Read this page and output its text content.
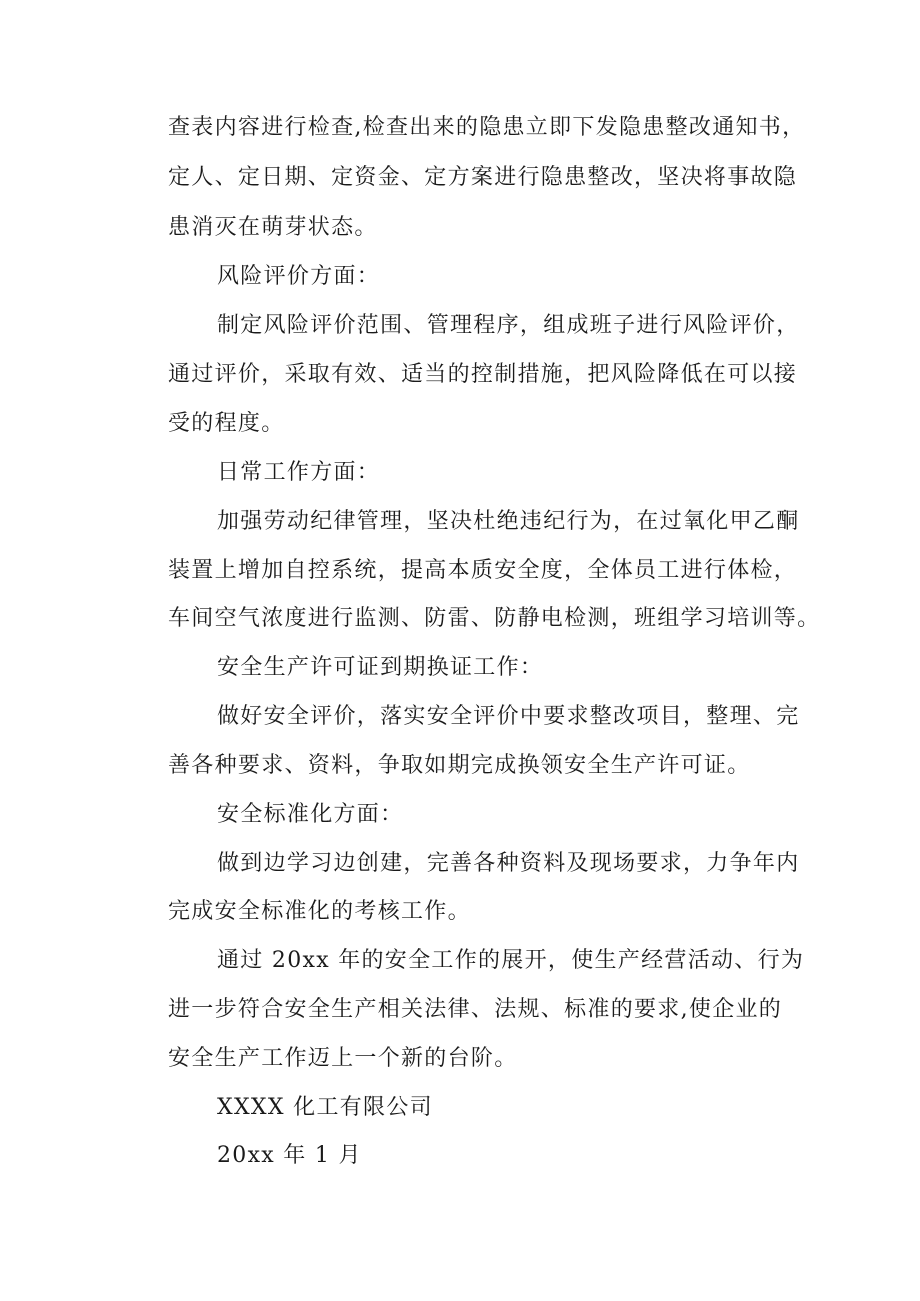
查表内容进行检查,检查出来的隐患立即下发隐患整改通知书，
定人、定日期、定资金、定方案进行隐患整改，坚决将事故隐
患消灭在萌芽状态。
风险评价方面：
制定风险评价范围、管理程序，组成班子进行风险评价，
通过评价，采取有效、适当的控制措施，把风险降低在可以接
受的程度。
日常工作方面：
加强劳动纪律管理，坚决杜绝违纪行为，在过氧化甲乙酮
装置上增加自控系统，提高本质安全度，全体员工进行体检，
车间空气浓度进行监测、防雷、防静电检测，班组学习培训等。
安全生产许可证到期换证工作：
做好安全评价，落实安全评价中要求整改项目，整理、完
善各种要求、资料，争取如期完成换领安全生产许可证。
安全标准化方面：
做到边学习边创建，完善各种资料及现场要求，力争年内
完成安全标准化的考核工作。
通过 20xx 年的安全工作的展开，使生产经营活动、行为
进一步符合安全生产相关法律、法规、标准的要求,使企业的
安全生产工作迈上一个新的台阶。
XXXX 化工有限公司
20xx 年 1 月
